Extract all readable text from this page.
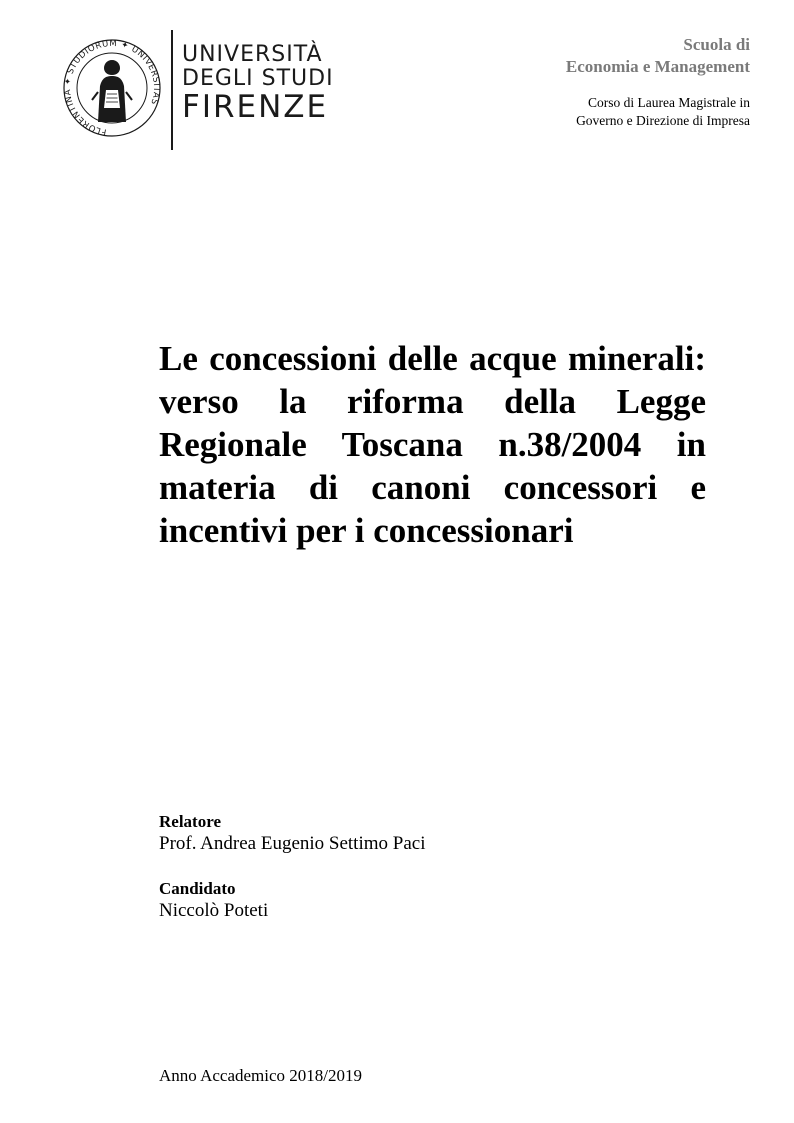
FLORENTINA ✦ STUDIORUM ✦ UNIVERSITAS
UNIVERSITÀ
DEGLI STUDI
FIRENZE
Scuola di
Economia e Management
Corso di Laurea Magistrale in
Governo e Direzione di Impresa
Le concessioni delle acque minerali: verso la riforma della Legge Regionale Toscana n.38/2004 in materia di canoni concessori e incentivi per i concessionari
Relatore
Prof. Andrea Eugenio Settimo Paci
Candidato
Niccolò Poteti
Anno Accademico 2018/2019
